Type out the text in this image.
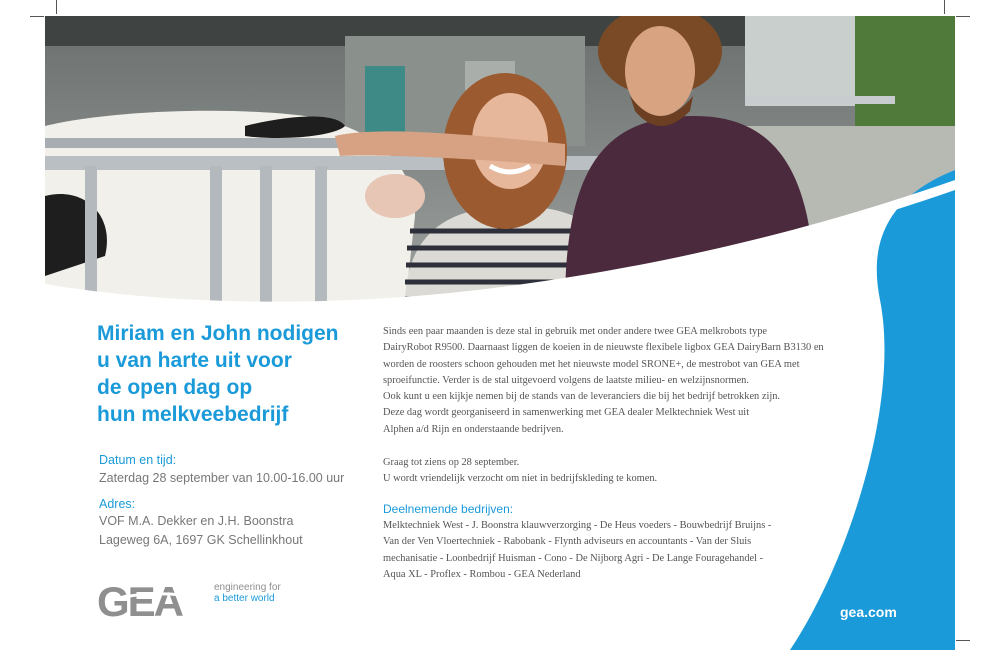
Miriam en John nodigen
u van harte uit voor
de open dag op
hun melkveebedrijf
Datum en tijd:
Zaterdag 28 september van 10.00-16.00 uur
Adres:
VOF M.A. Dekker en J.H. Boonstra
Lageweg 6A, 1697 GK Schellinkhout
Sinds een paar maanden is deze stal in gebruik met onder andere twee GEA melkrobots type
DairyRobot R9500. Daarnaast liggen de koeien in de nieuwste flexibele ligbox GEA DairyBarn B3130 en
worden de roosters schoon gehouden met het nieuwste model SRONE+, de mestrobot van GEA met
sproeifunctie. Verder is de stal uitgevoerd volgens de laatste milieu- en welzijnsnormen.
Ook kunt u een kijkje nemen bij de stands van de leveranciers die bij het bedrijf betrokken zijn.
Deze dag wordt georganiseerd in samenwerking met GEA dealer Melktechniek West uit
Alphen a/d Rijn en onderstaande bedrijven.
Graag tot ziens op 28 september.
U wordt vriendelijk verzocht om niet in bedrijfskleding te komen.
Deelnemende bedrijven:
Melktechniek West - J. Boonstra klauwverzorging - De Heus voeders - Bouwbedrijf Bruijns -
Van der Ven Vloertechniek - Rabobank - Flynth adviseurs en accountants - Van der Sluis
mechanisatie - Loonbedrijf Huisman - Cono - De Nijborg Agri - De Lange Fouragehandel -
Aqua XL - Proflex - Rombou - GEA Nederland
GEA	engineering for
a better world
gea.com
